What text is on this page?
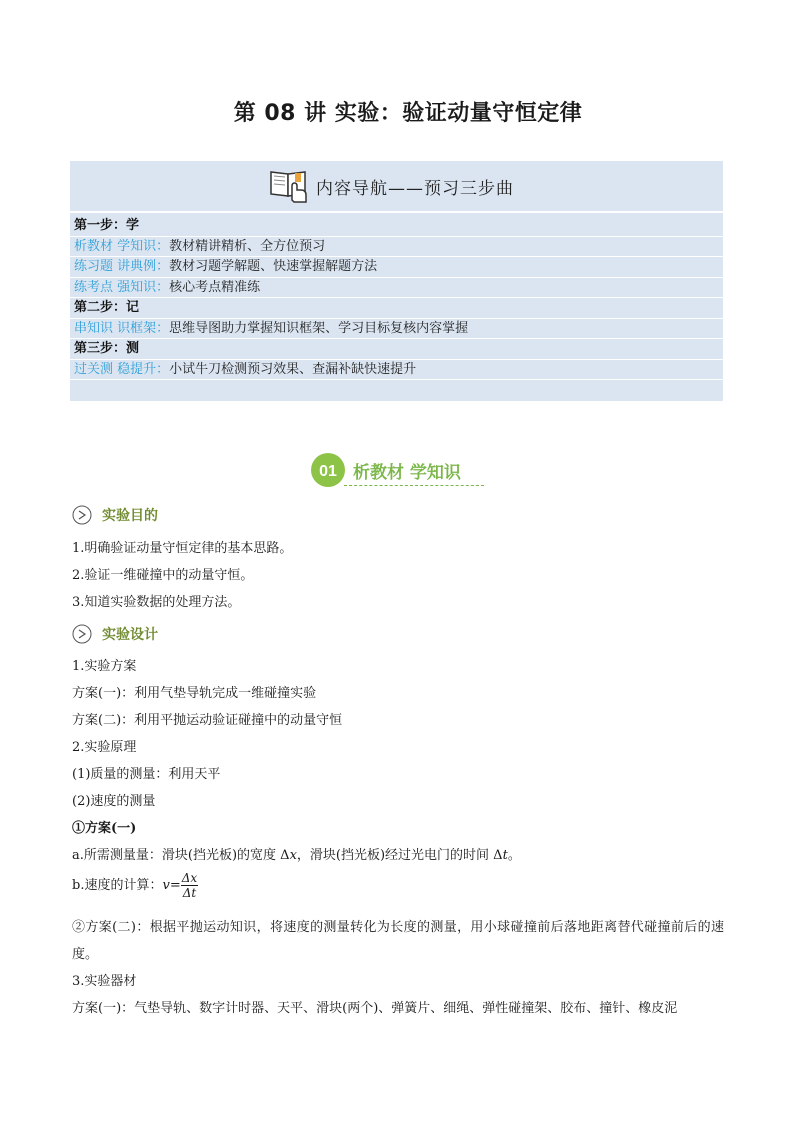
第 08 讲 实验：验证动量守恒定律
内容导航——预习三步曲
第一步：学
析教材 学知识：教材精讲精析、全方位预习
练习题 讲典例：教材习题学解题、快速掌握解题方法
练考点 强知识：核心考点精准练
第二步：记
串知识 识框架：思维导图助力掌握知识框架、学习目标复核内容掌握
第三步：测
过关测 稳提升：小试牛刀检测预习效果、查漏补缺快速提升
01 析教材 学知识
实验目的
1.明确验证动量守恒定律的基本思路。
2.验证一维碰撞中的动量守恒。
3.知道实验数据的处理方法。
实验设计
1.实验方案
方案(一)：利用气垫导轨完成一维碰撞实验
方案(二)：利用平抛运动验证碰撞中的动量守恒
2.实验原理
(1)质量的测量：利用天平
(2)速度的测量
①方案(一)
a.所需测量量：滑块(挡光板)的宽度 Δx，滑块(挡光板)经过光电门的时间 Δt。
b.速度的计算：$v= \frac{\Delta x}{\Delta t}$
②方案(二)：根据平抛运动知识，将速度的测量转化为长度的测量，用小球碰撞前后落地距离替代碰撞前后的速度。
3.实验器材
方案(一)：气垫导轨、数字计时器、天平、滑块(两个)、弹簧片、细绳、弹性碰撞架、胶布、撞针、橡皮泥
